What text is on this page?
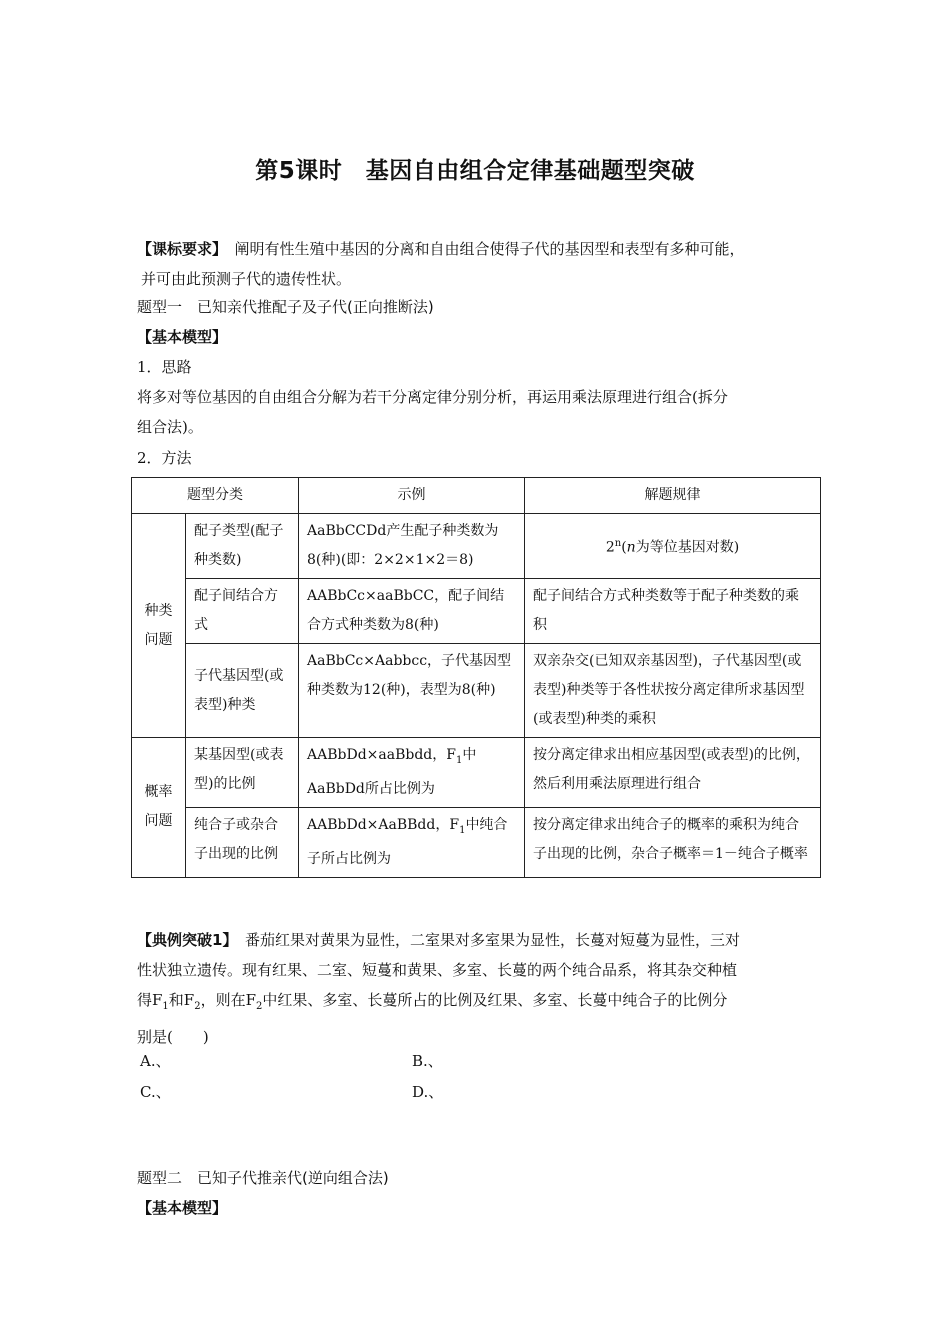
第5课时　基因自由组合定律基础题型突破
【课标要求】　阐明有性生殖中基因的分离和自由组合使得子代的基因型和表型有多种可能，
并可由此预测子代的遗传性状。
题型一　已知亲代推配子及子代(正向推断法)
【基本模型】
1．思路
将多对等位基因的自由组合分解为若干分离定律分别分析，再运用乘法原理进行组合(拆分
组合法)。
2．方法
题型分类		示例	解题规律
种类问题	配子类型(配子种类数)	AaBbCCDd产生配子种类数为8(种)(即：2×2×1×2＝8)	2$^n$(n为等位基因对数)
	配子间结合方式	AABbCc×aaBbCC，配子间结合方式种类数为8(种)	配子间结合方式种类数等于配子种类数的乘积
	子代基因型(或表型)种类	AaBbCc×Aabbcc，子代基因型种类数为12(种)，表型为8(种)	双亲杂交(已知双亲基因型)，子代基因型(或表型)种类等于各性状按分离定律所求基因型(或表型)种类的乘积
概率问题	某基因型(或表型)的比例	AABbDd×aaBbdd，$F_1$中AaBbDd所占比例为	按分离定律求出相应基因型(或表型)的比例，然后利用乘法原理进行组合
	纯合子或杂合子出现的比例	AABbDd×AaBBdd，$F_1$中纯合子所占比例为	按分离定律求出纯合子的概率的乘积为纯合子出现的比例，杂合子概率＝1－纯合子概率
【典例突破1】　番茄红果对黄果为显性，二室果对多室果为显性，长蔓对短蔓为显性，三对
性状独立遗传。现有红果、二室、短蔓和黄果、多室、长蔓的两个纯合品系，将其杂交种植
得$F_1$和$F_2$，则在$F_2$中红果、多室、长蔓所占的比例及红果、多室、长蔓中纯合子的比例分
别是(　　)
A.、	B.、
C.、	D.、
题型二　已知子代推亲代(逆向组合法)
【基本模型】
